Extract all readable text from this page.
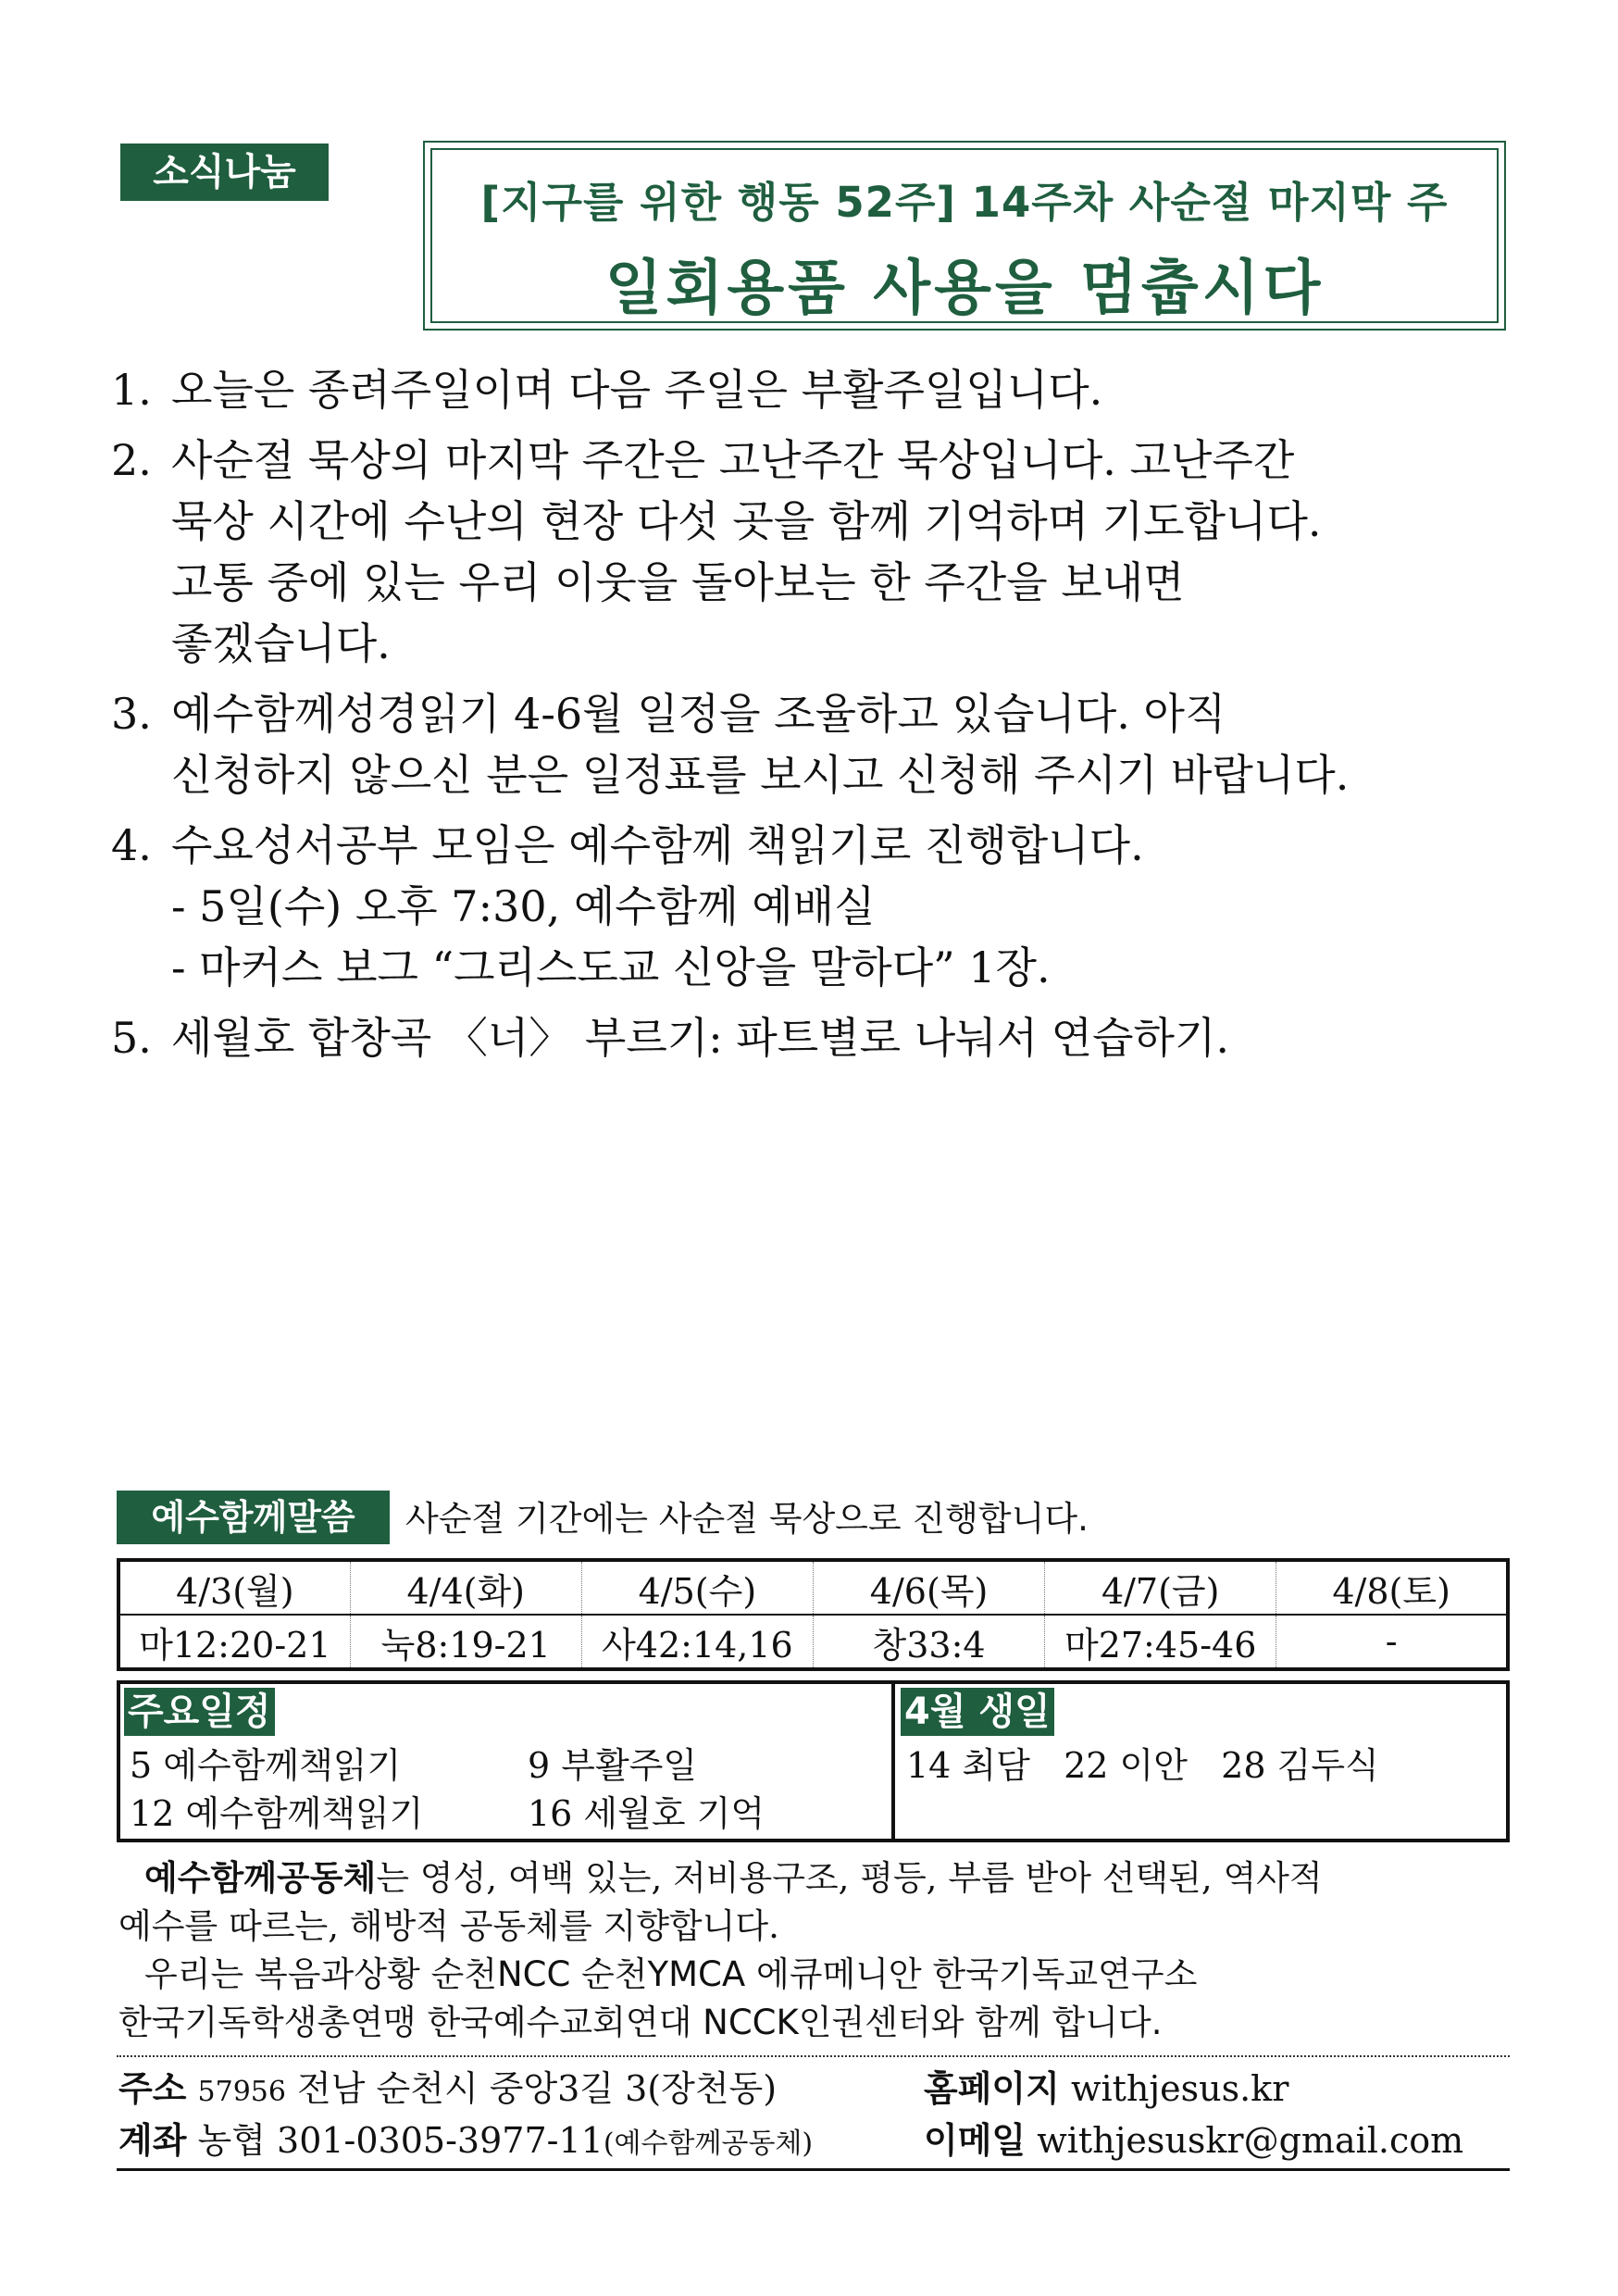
소식나눔
[지구를 위한 행동 52주] 14주차 사순절 마지막 주
일회용품 사용을 멈춥시다
1. 오늘은 종려주일이며 다음 주일은 부활주일입니다.
2. 사순절 묵상의 마지막 주간은 고난주간 묵상입니다. 고난주간
묵상 시간에 수난의 현장 다섯 곳을 함께 기억하며 기도합니다.
고통 중에 있는 우리 이웃을 돌아보는 한 주간을 보내면
좋겠습니다.
3. 예수함께성경읽기 4-6월 일정을 조율하고 있습니다. 아직
신청하지 않으신 분은 일정표를 보시고 신청해 주시기 바랍니다.
4. 수요성서공부 모임은 예수함께 책읽기로 진행합니다.
- 5일(수) 오후 7:30, 예수함께 예배실
- 마커스 보그 “그리스도교 신앙을 말하다” 1장.
5. 세월호 합창곡 〈너〉 부르기: 파트별로 나눠서 연습하기.
예수함께말씀	사순절 기간에는 사순절 묵상으로 진행합니다.
4/3(월)	4/4(화)	4/5(수)	4/6(목)	4/7(금)	4/8(토)
마12:20-21	눅8:19-21	사42:14,16	창33:4	마27:45-46	-
주요일정
5 예수함께책읽기	9 부활주일
12 예수함께책읽기	16 세월호 기억
4월 생일
14 최담   22 이안   28 김두식

예수함께공동체는 영성, 여백 있는, 저비용구조, 평등, 부름 받아 선택된, 역사적

예수를 따르는, 해방적 공동체를 지향합니다.

우리는 복음과상황 순천NCC 순천YMCA 에큐메니안 한국기독교연구소

한국기독학생총연맹 한국예수교회연대 NCCK인권센터와 함께 합니다.

주소 57956 전남 순천시 중앙3길 3(장천동)	홈페이지 withjesus.kr
계좌 농협 301-0305-3977-11(예수함께공동체)	이메일 withjesuskr@gmail.com
